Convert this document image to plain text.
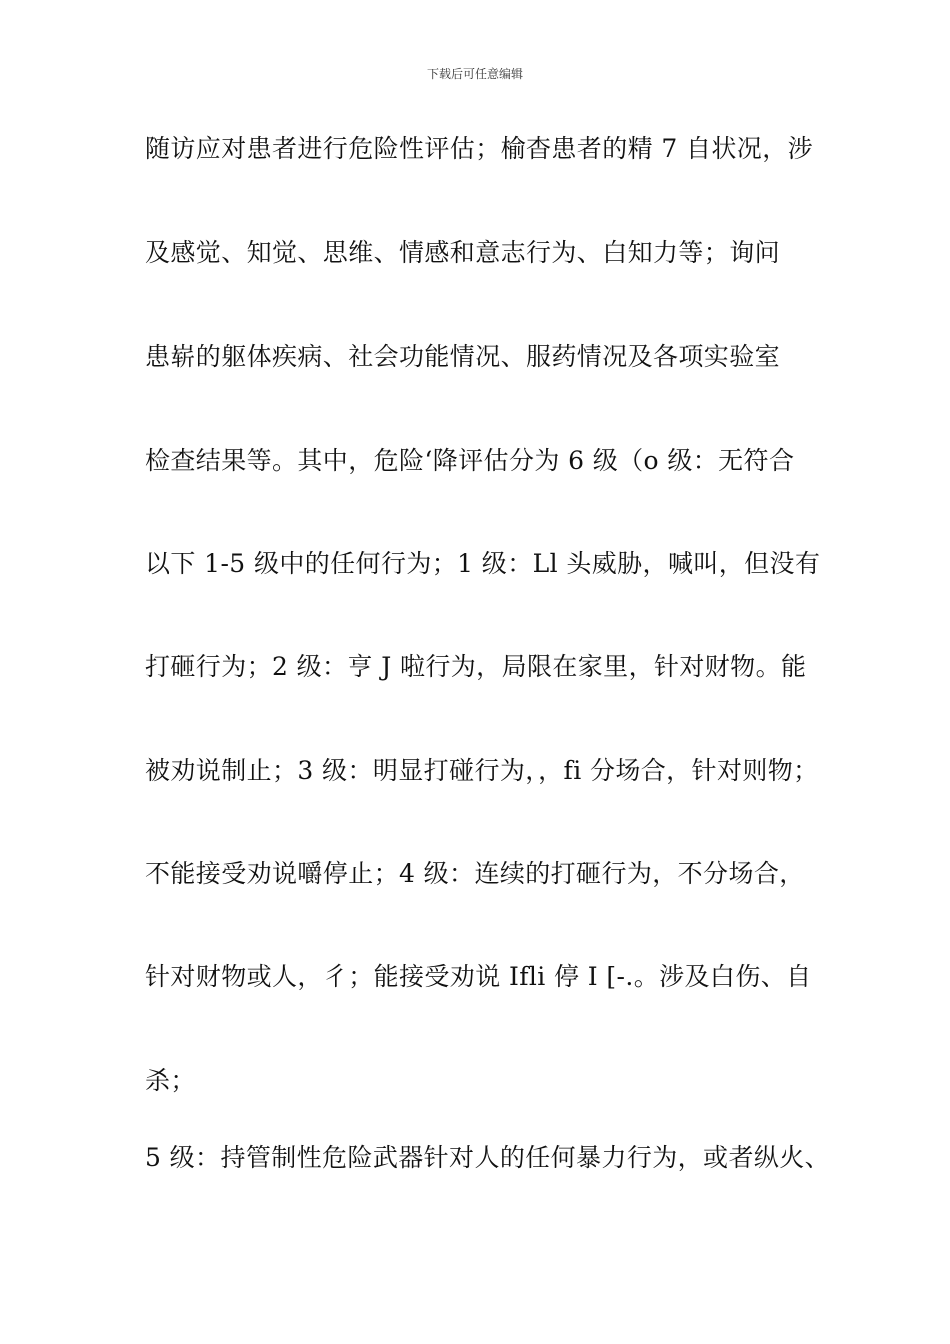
下载后可任意编辑
随访应对患者进行危险性评估；榆杳患者的精 7 自状况，涉
及感觉、知觉、思维、情感和意志行为、白知力等；询问
患崭的躯体疾病、社会功能情况、服药情况及各项实验室
检查结果等。其中，危险‘降评估分为 6 级（o 级：无符合
以下 1-5 级中的任何行为；1 级：Ll 头威胁，喊叫，但没有
打砸行为；2 级：亨 J 啦行为，局限在家里，针对财物。能
被劝说制止；3 级：明显打碰行为，，fi 分场合，针对则物；
不能接受劝说嚼停止；4 级：连续的打砸行为，不分场合，
针对财物或人，彳；能接受劝说 Ifli 停 I [-.。涉及白伤、自
杀；
5 级：持管制性危险武器针对人的任何暴力行为，或者纵火、
